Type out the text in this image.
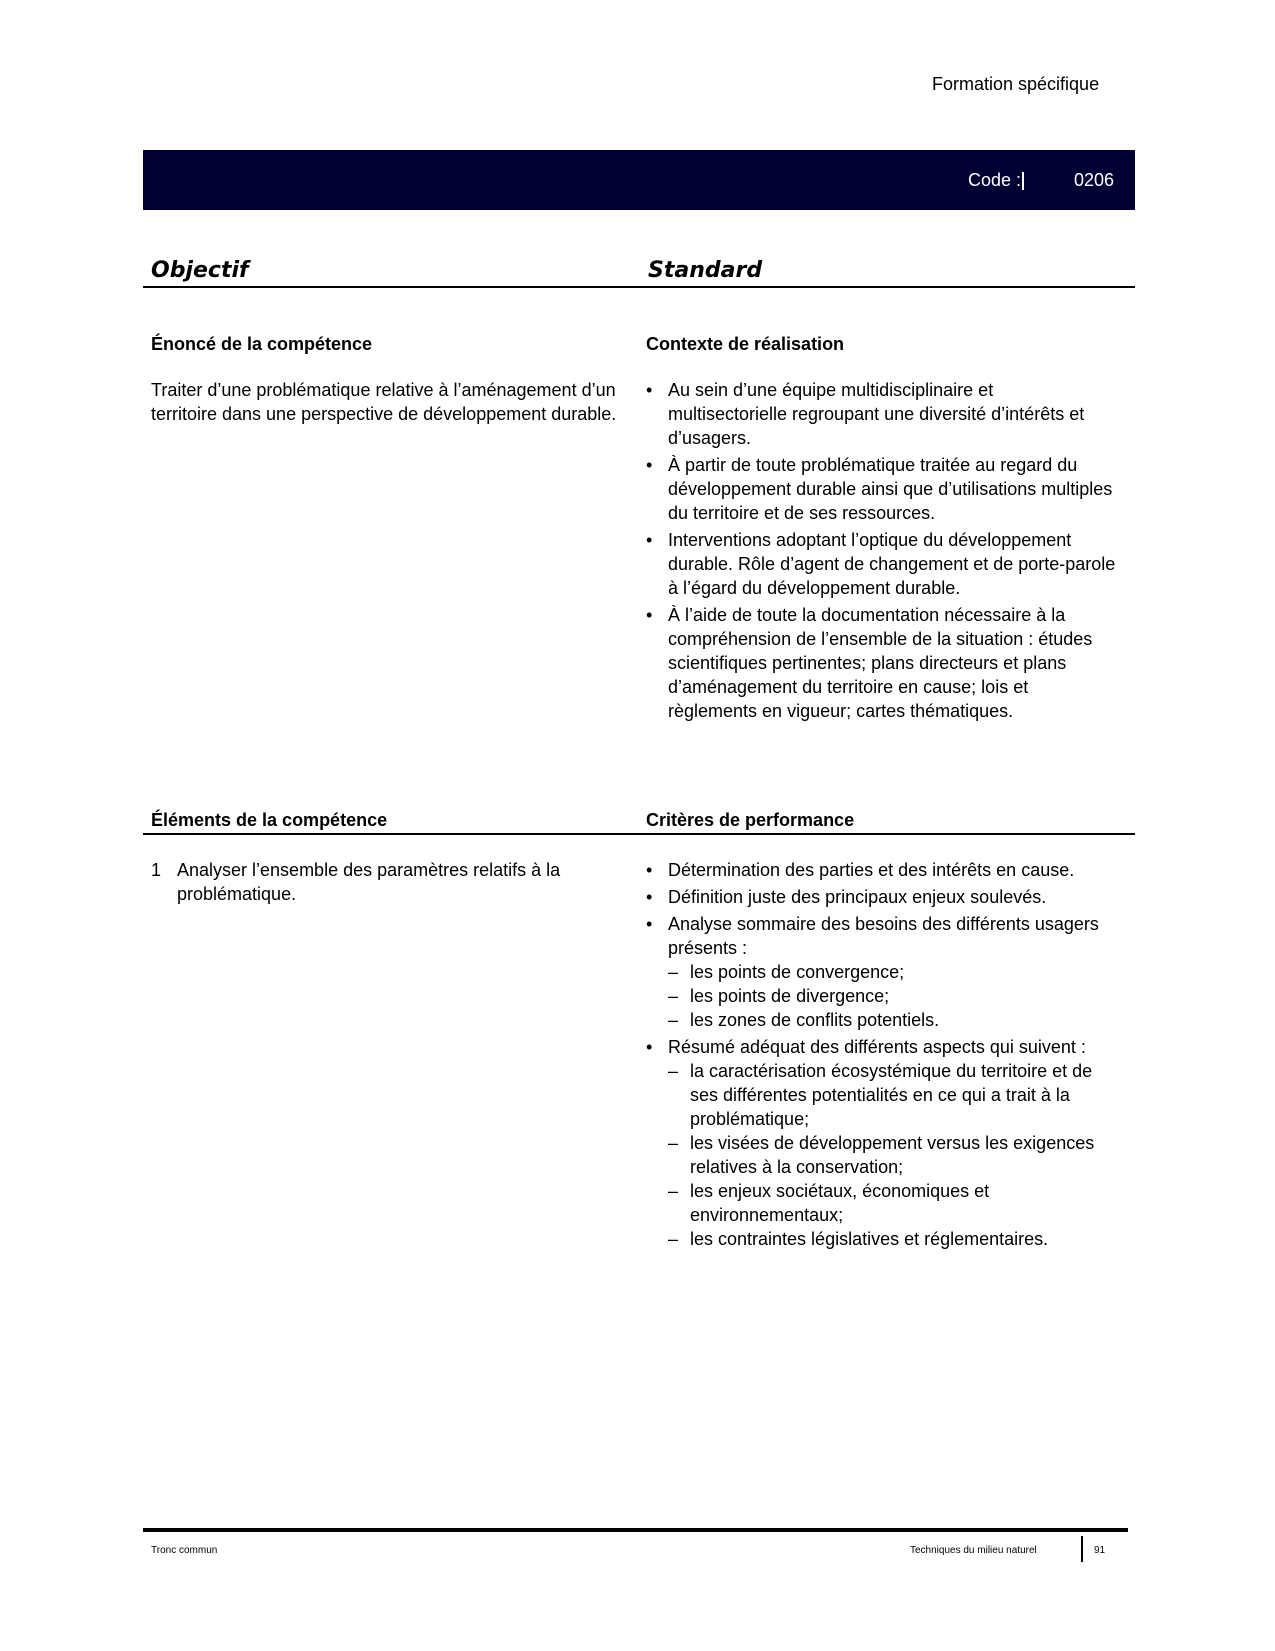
Formation spécifique
Code :	0206
Objectif	Standard
Énoncé de la compétence	Contexte de réalisation
Traiter d’une problématique relative à l’aménagement d’un territoire dans une perspective de développement durable.
• Au sein d’une équipe multidisciplinaire et multisectorielle regroupant une diversité d’intérêts et d’usagers.
• À partir de toute problématique traitée au regard du développement durable ainsi que d’utilisations multiples du territoire et de ses ressources.
• Interventions adoptant l’optique du développement durable. Rôle d’agent de changement et de porte-parole à l’égard du développement durable.
• À l’aide de toute la documentation nécessaire à la compréhension de l’ensemble de la situation : études scientifiques pertinentes; plans directeurs et plans d’aménagement du territoire en cause; lois et règlements en vigueur; cartes thématiques.
Éléments de la compétence	Critères de performance
1 Analyser l’ensemble des paramètres relatifs à la problématique.
• Détermination des parties et des intérêts en cause.
• Définition juste des principaux enjeux soulevés.
• Analyse sommaire des besoins des différents usagers présents :
– les points de convergence;
– les points de divergence;
– les zones de conflits potentiels.
• Résumé adéquat des différents aspects qui suivent :
– la caractérisation écosystémique du territoire et de ses différentes potentialités en ce qui a trait à la problématique;
– les visées de développement versus les exigences relatives à la conservation;
– les enjeux sociétaux, économiques et environnementaux;
– les contraintes législatives et réglementaires.
Tronc commun	Techniques du milieu naturel	91
